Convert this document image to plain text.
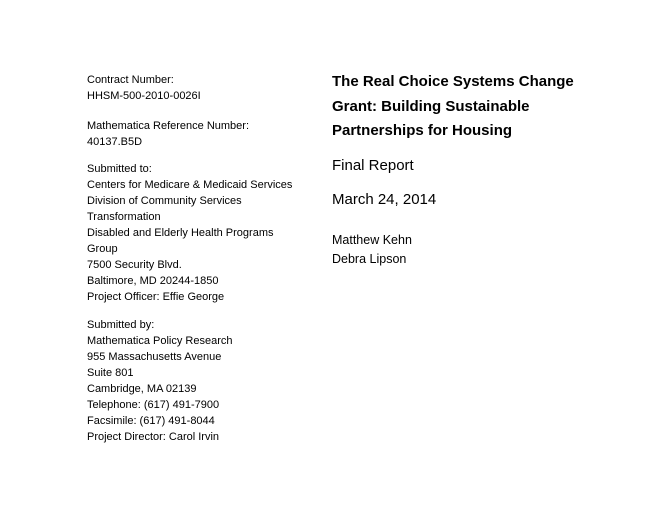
Contract Number:
HHSM-500-2010-0026I
Mathematica Reference Number:
40137.B5D
Submitted to:
Centers for Medicare & Medicaid Services
Division of Community Services
Transformation
Disabled and Elderly Health Programs
Group
7500 Security Blvd.
Baltimore, MD 20244-1850
Project Officer: Effie George
Submitted by:
Mathematica Policy Research
955 Massachusetts Avenue
Suite 801
Cambridge, MA 02139
Telephone: (617) 491-7900
Facsimile: (617) 491-8044
Project Director: Carol Irvin
The Real Choice Systems Change
Grant: Building Sustainable
Partnerships for Housing
Final Report
March 24, 2014
Matthew Kehn
Debra Lipson
